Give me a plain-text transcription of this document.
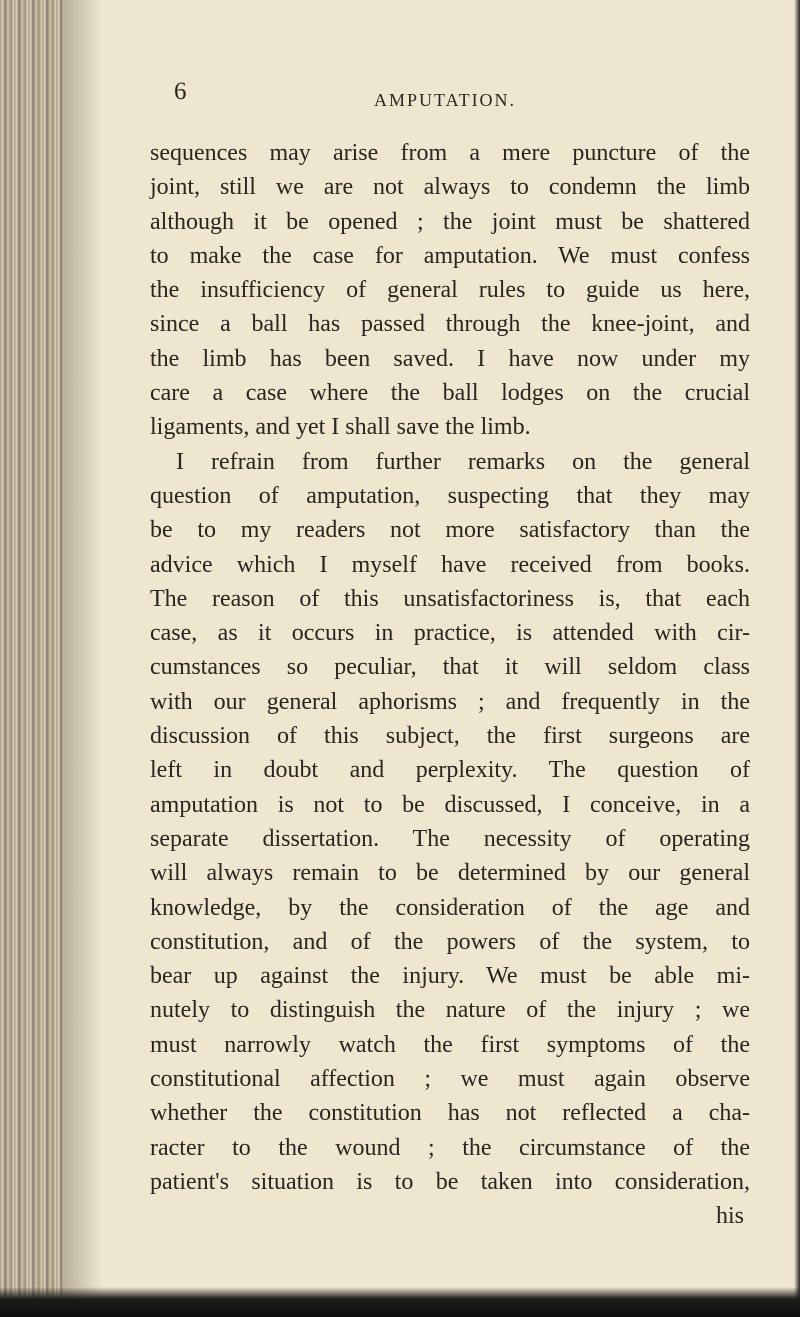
6	AMPUTATION.
sequences may arise from a mere puncture of the
joint, still we are not always to condemn the limb
although it be opened ; the joint must be shattered
to make the case for amputation. We must confess
the insufficiency of general rules to guide us here,
since a ball has passed through the knee-joint, and
the limb has been saved. I have now under my
care a case where the ball lodges on the crucial
ligaments, and yet I shall save the limb.
I refrain from further remarks on the general
question of amputation, suspecting that they may
be to my readers not more satisfactory than the
advice which I myself have received from books.
The reason of this unsatisfactoriness is, that each
case, as it occurs in practice, is attended with cir-
cumstances so peculiar, that it will seldom class
with our general aphorisms ; and frequently in the
discussion of this subject, the first surgeons are
left in doubt and perplexity. The question of
amputation is not to be discussed, I conceive, in a
separate dissertation. The necessity of operating
will always remain to be determined by our general
knowledge, by the consideration of the age and
constitution, and of the powers of the system, to
bear up against the injury. We must be able mi-
nutely to distinguish the nature of the injury ; we
must narrowly watch the first symptoms of the
constitutional affection ; we must again observe
whether the constitution has not reflected a cha-
racter to the wound ; the circumstance of the
patient's situation is to be taken into consideration,
his
